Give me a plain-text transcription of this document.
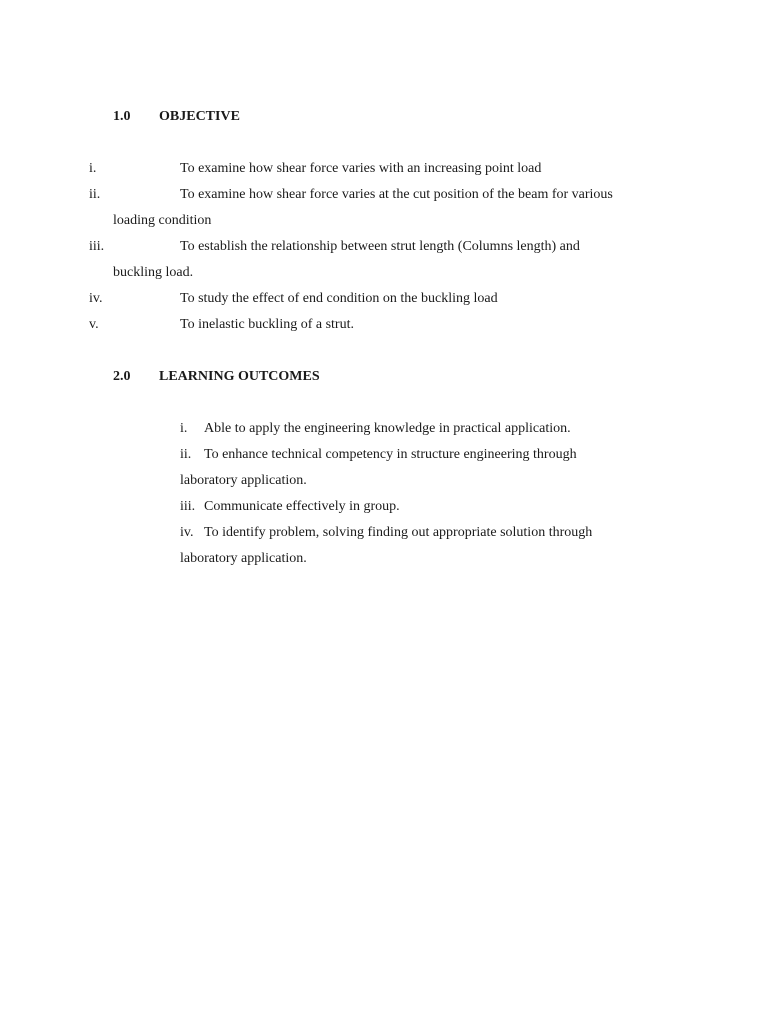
1.0 OBJECTIVE
i.	To examine how shear force varies with an increasing point load
ii.	To examine how shear force varies at the cut position of the beam for various
loading condition
iii.	To establish the relationship between strut length (Columns length) and
buckling load.
iv.	To study the effect of end condition on the buckling load
v.	To inelastic buckling of a strut.
2.0 LEARNING OUTCOMES
i. Able to apply the engineering knowledge in practical application.
ii. To enhance technical competency in structure engineering through
laboratory application.
iii. Communicate effectively in group.
iv. To identify problem, solving finding out appropriate solution through
laboratory application.
